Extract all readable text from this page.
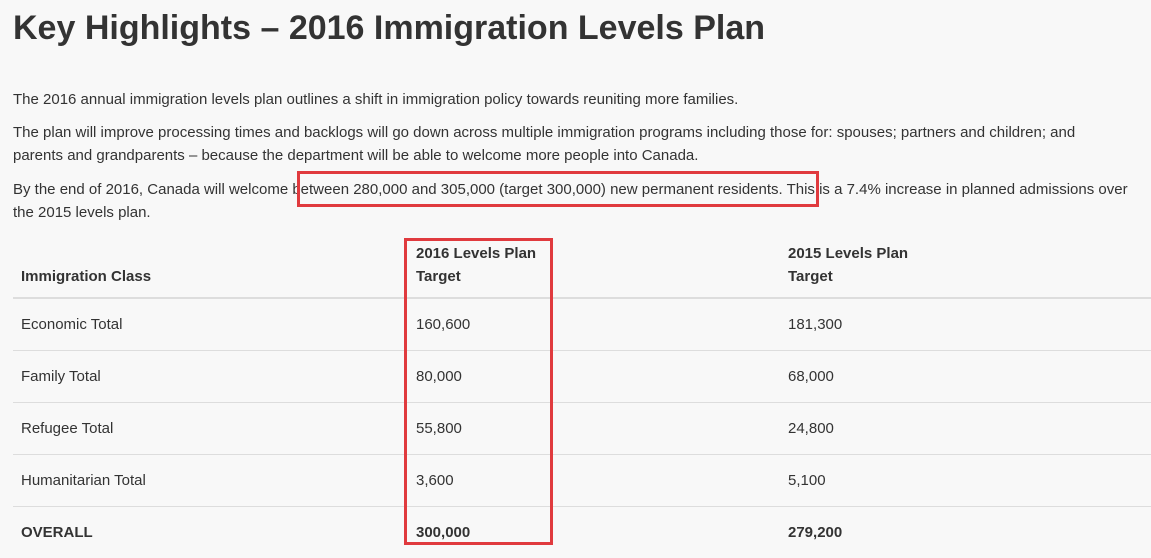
Key Highlights – 2016 Immigration Levels Plan

The 2016 annual immigration levels plan outlines a shift in immigration policy towards reuniting more families.

The plan will improve processing times and backlogs will go down across multiple immigration programs including those for: spouses; partners and children; and parents and grandparents – because the department will be able to welcome more people into Canada.

By the end of 2016, Canada will welcome between 280,000 and 305,000 (target 300,000) new permanent residents. This is a 7.4% increase in planned admissions over the 2015 levels plan.

Immigration Class	2016 Levels Plan Target	2015 Levels Plan Target
Economic Total	160,600	181,300
Family Total	80,000	68,000
Refugee Total	55,800	24,800
Humanitarian Total	3,600	5,100
OVERALL	300,000	279,200
